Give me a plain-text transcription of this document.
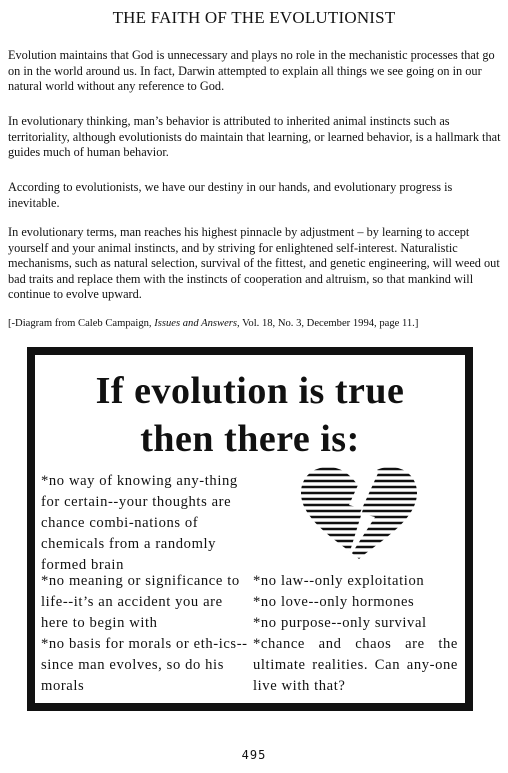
THE FAITH OF THE EVOLUTIONIST

Evolution maintains that God is unnecessary and plays no role in the mechanistic processes that go on in the world around us. In fact, Darwin attempted to explain all things we see going on in our natural world without any reference to God.

In evolutionary thinking, man’s behavior is attributed to inherited animal instincts such as territoriality, although evolutionists do maintain that learning, or learned behavior, is a hallmark that guides much of human behavior.

According to evolutionists, we have our destiny in our hands, and evolutionary progress is inevitable.

In evolutionary terms, man reaches his highest pinnacle by adjustment – by learning to accept yourself and your animal instincts, and by striving for enlightened self-interest. Naturalistic mechanisms, such as natural selection, survival of the fittest, and genetic engineering, will weed out bad traits and replace them with the instincts of cooperation and altruism, so that mankind will continue to evolve upward.

[-Diagram from Caleb Campaign, Issues and Answers, Vol. 18, No. 3, December 1994, page 11.]

If evolution is true
then there is:

*no way of knowing any-thing for certain--your thoughts are chance combi-nations of chemicals from a randomly formed brain

*no meaning or significance to life--it’s an accident you are here to begin with

*no basis for morals or eth-ics--since man evolves, so do his morals

*no law--only exploitation

*no love--only hormones

*no purpose--only survival

*chance and chaos are the ultimate realities. Can any-one live with that?

495
